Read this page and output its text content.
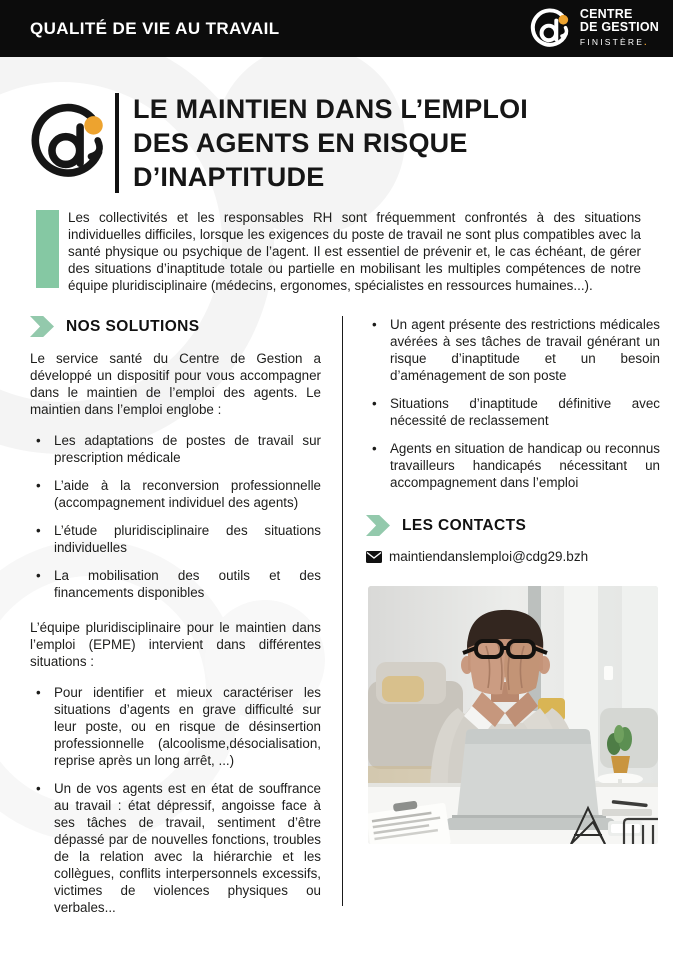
QUALITÉ DE VIE AU TRAVAIL
CENTRE
DE GESTION
FINISTÈRE.
LE MAINTIEN DANS L’EMPLOI
DES AGENTS EN RISQUE
D’INAPTITUDE

Les collectivités et les responsables RH sont fréquemment confrontés à des situations individuelles difficiles, lorsque les exigences du poste de travail ne sont plus compatibles avec la santé physique ou psychique de l’agent. Il est essentiel de prévenir et, le cas échéant, de gérer des situations d’inaptitude totale ou partielle en mobilisant les multiples compétences de notre équipe pluridisciplinaire (médecins, ergonomes, spécialistes en ressources humaines...).

NOS SOLUTIONS

Le service santé du Centre de Gestion a développé un dispositif pour vous accompagner dans le maintien de l’emploi des agents. Le maintien dans l’emploi englobe :

• Les adaptations de postes de travail sur prescription médicale
• L’aide à la reconversion professionnelle (accompagnement individuel des agents)
• L’étude pluridisciplinaire des situations individuelles
• La mobilisation des outils et des financements disponibles

L’équipe pluridisciplinaire pour le maintien dans l’emploi (EPME) intervient dans différentes situations :

• Pour identifier et mieux caractériser les situations d’agents en grave difficulté sur leur poste, ou en risque de désinsertion professionnelle (alcoolisme,désocialisation, reprise après un long arrêt, ...)
• Un de vos agents est en état de souffrance au travail : état dépressif, angoisse face à ses tâches de travail, sentiment d’être dépassé par de nouvelles fonctions, troubles de la relation avec la hiérarchie et les collègues, conflits interpersonnels excessifs, victimes de violences physiques ou verbales...
• Un agent présente des restrictions médicales avérées à ses tâches de travail générant un risque d’inaptitude et un besoin d’aménagement de son poste
• Situations d’inaptitude définitive avec nécessité de reclassement
• Agents en situation de handicap ou reconnus travailleurs handicapés nécessitant un accompagnement dans l’emploi
LES CONTACTS
maintiendanslemploi@cdg29.bzh
